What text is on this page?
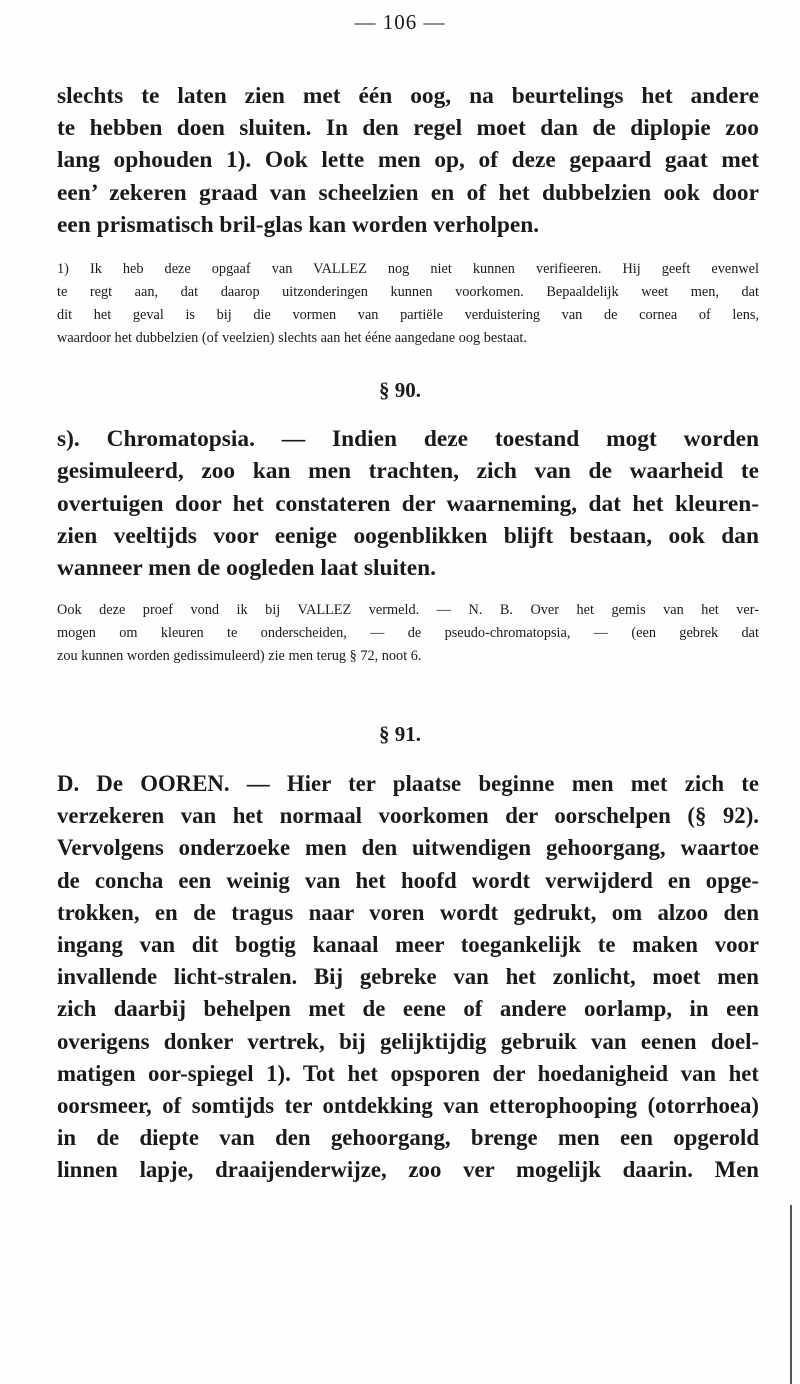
— 106 —
slechts te laten zien met één oog, na beurtelings het andere
te hebben doen sluiten. In den regel moet dan de diplopie zoo
lang ophouden 1). Ook lette men op, of deze gepaard gaat met
een’ zekeren graad van scheelzien en of het dubbelzien ook door
een prismatisch bril-glas kan worden verholpen.
1) Ik heb deze opgaaf van VALLEZ nog niet kunnen verifieeren. Hij geeft evenwel
te regt aan, dat daarop uitzonderingen kunnen voorkomen. Bepaaldelijk weet men, dat
dit het geval is bij die vormen van partiële verduistering van de cornea of lens,
waardoor het dubbelzien (of veelzien) slechts aan het ééne aangedane oog bestaat.
§ 90.
s). Chromatopsia. — Indien deze toestand mogt worden
gesimuleerd, zoo kan men trachten, zich van de waarheid te
overtuigen door het constateren der waarneming, dat het kleuren-
zien veeltijds voor eenige oogenblikken blijft bestaan, ook dan
wanneer men de oogleden laat sluiten.
Ook deze proef vond ik bij VALLEZ vermeld. — N. B. Over het gemis van het ver-
mogen om kleuren te onderscheiden, — de pseudo-chromatopsia, — (een gebrek dat
zou kunnen worden gedissimuleerd) zie men terug § 72, noot 6.
§ 91.
D. De OOREN. — Hier ter plaatse beginne men met zich te
verzekeren van het normaal voorkomen der oorschelpen (§ 92).
Vervolgens onderzoeke men den uitwendigen gehoorgang, waartoe
de concha een weinig van het hoofd wordt verwijderd en opge-
trokken, en de tragus naar voren wordt gedrukt, om alzoo den
ingang van dit bogtig kanaal meer toegankelijk te maken voor
invallende licht-stralen. Bij gebreke van het zonlicht, moet men
zich daarbij behelpen met de eene of andere oorlamp, in een
overigens donker vertrek, bij gelijktijdig gebruik van eenen doel-
matigen oor-spiegel 1). Tot het opsporen der hoedanigheid van het
oorsmeer, of somtijds ter ontdekking van etterophooping (otorrhoea)
in de diepte van den gehoorgang, brenge men een opgerold
linnen lapje, draaijenderwijze, zoo ver mogelijk daarin. Men
